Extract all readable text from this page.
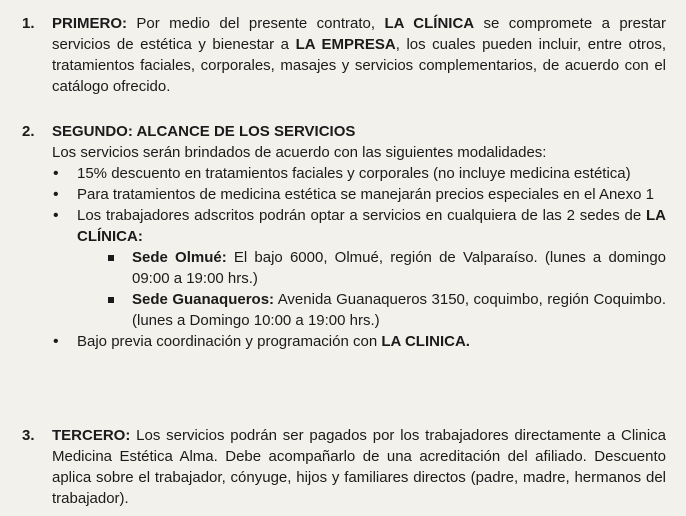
1. PRIMERO: Por medio del presente contrato, LA CLÍNICA se compromete a prestar servicios de estética y bienestar a LA EMPRESA, los cuales pueden incluir, entre otros, tratamientos faciales, corporales, masajes y servicios complementarios, de acuerdo con el catálogo ofrecido.
2. SEGUNDO: ALCANCE DE LOS SERVICIOS
Los servicios serán brindados de acuerdo con las siguientes modalidades:
• 15% descuento en tratamientos faciales y corporales (no incluye medicina estética)
• Para tratamientos de medicina estética se manejarán precios especiales en el Anexo 1
• Los trabajadores adscritos podrán optar a servicios en cualquiera de las 2 sedes de LA CLÍNICA:
Sede Olmué: El bajo 6000, Olmué, región de Valparaíso. (lunes a domingo 09:00 a 19:00 hrs.)
Sede Guanaqueros: Avenida Guanaqueros 3150, coquimbo, región Coquimbo. (lunes a Domingo 10:00 a 19:00 hrs.)
• Bajo previa coordinación y programación con LA CLINICA.
3. TERCERO: Los servicios podrán ser pagados por los trabajadores directamente a Clinica Medicina Estética Alma. Debe acompañarlo de una acreditación del afiliado. Descuento aplica sobre el trabajador, cónyuge, hijos y familiares directos (padre, madre, hermanos del trabajador).
